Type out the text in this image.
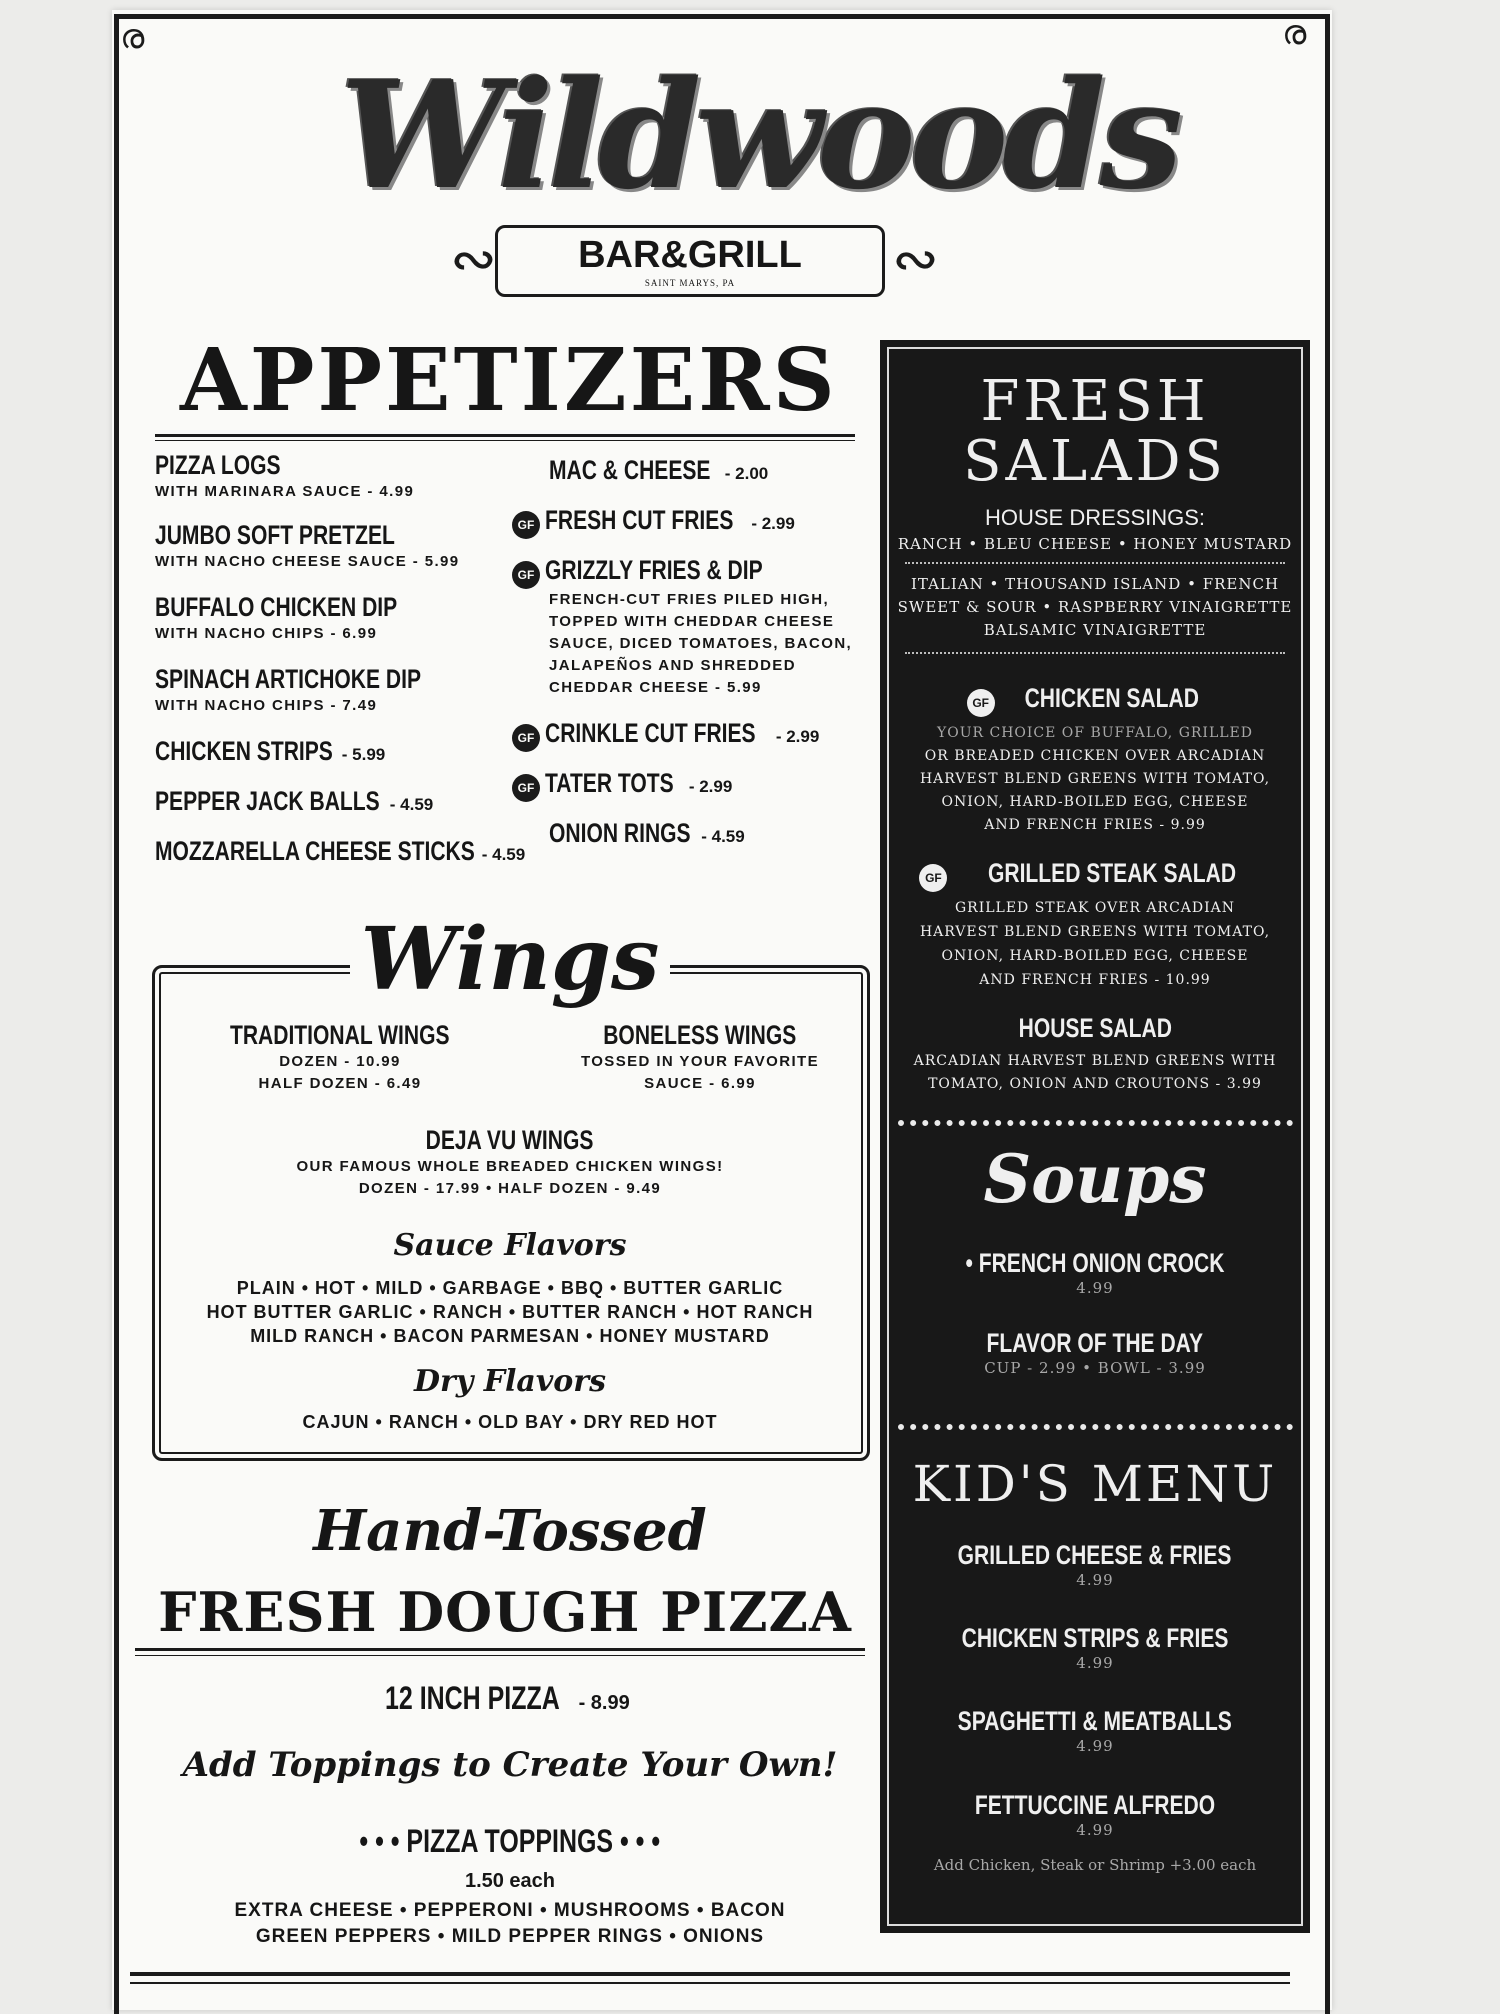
ര	ര
Wildwoods
∾	BAR&GRILL
SAINT MARYS, PA	∾
APPETIZERS
PIZZA LOGS
WITH MARINARA SAUCE - 4.99
JUMBO SOFT PRETZEL
WITH NACHO CHEESE SAUCE - 5.99
BUFFALO CHICKEN DIP
WITH NACHO CHIPS - 6.99
SPINACH ARTICHOKE DIP
WITH NACHO CHIPS - 7.49
CHICKEN STRIPS - 5.99
PEPPER JACK BALLS - 4.59
MOZZARELLA CHEESE STICKS - 4.59
MAC & CHEESE - 2.00
GF FRESH CUT FRIES - 2.99
GF GRIZZLY FRIES & DIP
FRENCH-CUT FRIES PILED HIGH,
TOPPED WITH CHEDDAR CHEESE
SAUCE, DICED TOMATOES, BACON,
JALAPEÑOS AND SHREDDED
CHEDDAR CHEESE - 5.99
GF CRINKLE CUT FRIES - 2.99
GF TATER TOTS - 2.99
ONION RINGS - 4.59
Wings
TRADITIONAL WINGS
DOZEN - 10.99
HALF DOZEN - 6.49
BONELESS WINGS
TOSSED IN YOUR FAVORITE
SAUCE - 6.99
DEJA VU WINGS
OUR FAMOUS WHOLE BREADED CHICKEN WINGS!
DOZEN - 17.99 • HALF DOZEN - 9.49
Sauce Flavors
PLAIN • HOT • MILD • GARBAGE • BBQ • BUTTER GARLIC
HOT BUTTER GARLIC • RANCH • BUTTER RANCH • HOT RANCH
MILD RANCH • BACON PARMESAN • HONEY MUSTARD
Dry Flavors
CAJUN • RANCH • OLD BAY • DRY RED HOT
Hand-Tossed
FRESH DOUGH PIZZA
12 INCH PIZZA - 8.99
Add Toppings to Create Your Own!
• • • PIZZA TOPPINGS • • •
1.50 each
EXTRA CHEESE • PEPPERONI • MUSHROOMS • BACON
GREEN PEPPERS • MILD PEPPER RINGS • ONIONS
FRESH
SALADS
HOUSE DRESSINGS:
RANCH • BLEU CHEESE • HONEY MUSTARD
ITALIAN • THOUSAND ISLAND • FRENCH
SWEET & SOUR • RASPBERRY VINAIGRETTE
BALSAMIC VINAIGRETTE
GF CHICKEN SALAD
YOUR CHOICE OF BUFFALO, GRILLED
OR BREADED CHICKEN OVER ARCADIAN
HARVEST BLEND GREENS WITH TOMATO,
ONION, HARD-BOILED EGG, CHEESE
AND FRENCH FRIES - 9.99
GF GRILLED STEAK SALAD
GRILLED STEAK OVER ARCADIAN
HARVEST BLEND GREENS WITH TOMATO,
ONION, HARD-BOILED EGG, CHEESE
AND FRENCH FRIES - 10.99
HOUSE SALAD
ARCADIAN HARVEST BLEND GREENS WITH
TOMATO, ONION AND CROUTONS - 3.99
Soups
• FRENCH ONION CROCK
4.99
FLAVOR OF THE DAY
CUP - 2.99 • BOWL - 3.99
KID'S MENU
GRILLED CHEESE & FRIES
4.99
CHICKEN STRIPS & FRIES
4.99
SPAGHETTI & MEATBALLS
4.99
FETTUCCINE ALFREDO
4.99
Add Chicken, Steak or Shrimp +3.00 each
